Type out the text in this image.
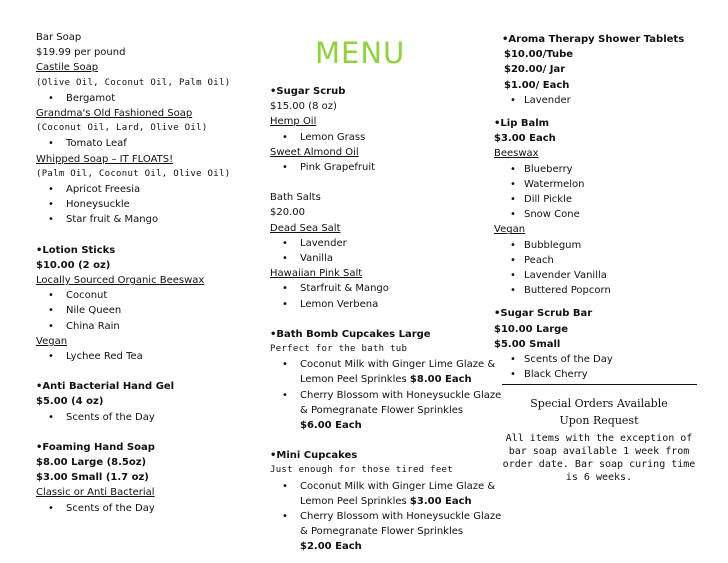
MENU
Bar Soap
$19.99 per pound
Castile Soap
(Olive Oil, Coconut Oil, Palm Oil)
• Bergamot
Grandma's Old Fashioned Soap
(Coconut Oil, Lard, Olive Oil)
• Tomato Leaf
Whipped Soap – IT FLOATS!
(Palm Oil, Coconut Oil, Olive Oil)
• Apricot Freesia
• Honeysuckle
• Star fruit & Mango
•Lotion Sticks
$10.00 (2 oz)
Locally Sourced Organic Beeswax
• Coconut
• Nile Queen
• China Rain
Vegan
• Lychee Red Tea
•Anti Bacterial Hand Gel
$5.00 (4 oz)
• Scents of the Day
•Foaming Hand Soap
$8.00 Large (8.5oz)
$3.00 Small (1.7 oz)
Classic or Anti Bacterial
• Scents of the Day
•Sugar Scrub
$15.00 (8 oz)
Hemp Oil
• Lemon Grass
Sweet Almond Oil
• Pink Grapefruit
Bath Salts
$20.00
Dead Sea Salt
• Lavender
• Vanilla
Hawaiian Pink Salt
• Starfruit & Mango
• Lemon Verbena
•Bath Bomb Cupcakes Large
Perfect for the bath tub
• Coconut Milk with Ginger Lime Glaze &
Lemon Peel Sprinkles $8.00 Each
• Cherry Blossom with Honeysuckle Glaze
& Pomegranate Flower Sprinkles
$6.00 Each
•Mini Cupcakes
Just enough for those tired feet
• Coconut Milk with Ginger Lime Glaze &
Lemon Peel Sprinkles $3.00 Each
• Cherry Blossom with Honeysuckle Glaze
& Pomegranate Flower Sprinkles
$2.00 Each
•Aroma Therapy Shower Tablets
$10.00/Tube
$20.00/ Jar
$1.00/ Each
• Lavender
•Lip Balm
$3.00 Each
Beeswax
• Blueberry
• Watermelon
• Dill Pickle
• Snow Cone
Vegan
• Bubblegum
• Peach
• Lavender Vanilla
• Buttered Popcorn
•Sugar Scrub Bar
$10.00 Large
$5.00 Small
• Scents of the Day
• Black Cherry
Special Orders Available
Upon Request
All items with the exception of bar soap available 1 week from order date. Bar soap curing time is 6 weeks.
